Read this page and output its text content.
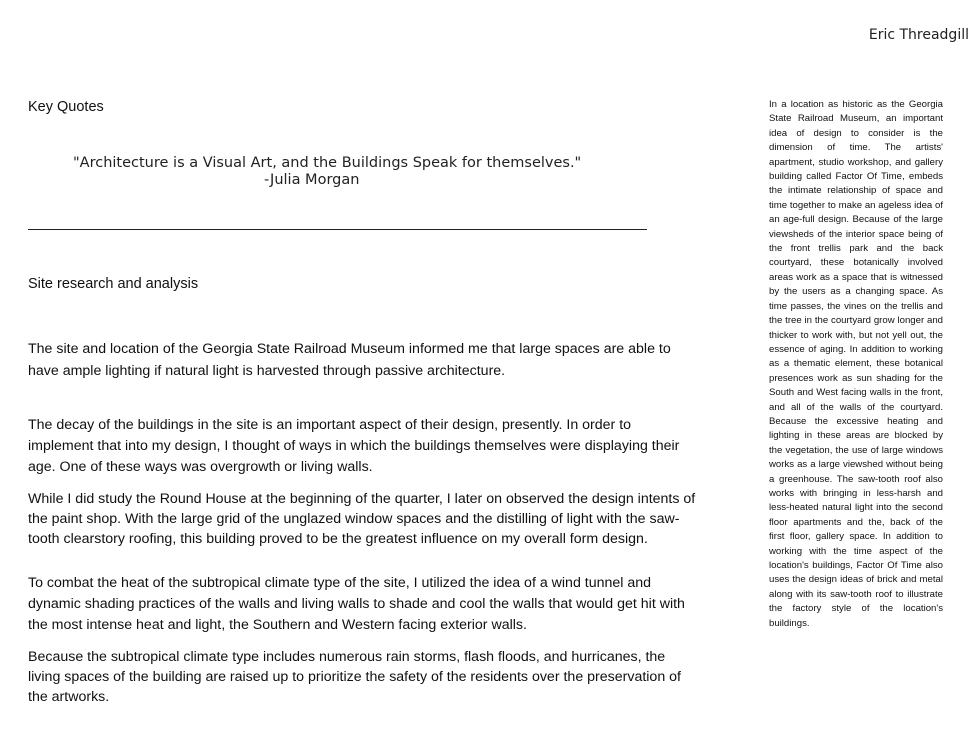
Eric Threadgill
Key Quotes
"Architecture is a Visual Art, and the Buildings Speak for themselves."
-Julia Morgan
Site research and analysis

The site and location of the Georgia State Railroad Museum informed me that large spaces are able to have ample lighting if natural light is harvested through passive architecture.

The decay of the buildings in the site is an important aspect of their design, presently. In order to implement that into my design, I thought of ways in which the buildings themselves were displaying their age. One of these ways was overgrowth or living walls.

While I did study the Round House at the beginning of the quarter, I later on observed the design intents of the paint shop. With the large grid of the unglazed window spaces and the distilling of light with the saw-tooth clearstory roofing, this building proved to be the greatest influence on my overall form design.

To combat the heat of the subtropical climate type of the site, I utilized the idea of a wind tunnel and dynamic shading practices of the walls and living walls to shade and cool the walls that would get hit with the most intense heat and light, the Southern and Western facing exterior walls.

Because the subtropical climate type includes numerous rain storms, flash floods, and hurricanes, the living spaces of the building are raised up to prioritize the safety of the residents over the preservation of the artworks.

In a location as historic as the Georgia State Railroad Museum, an important idea of design to consider is the dimension of time. The artists' apartment, studio workshop, and gallery building called Factor Of Time, embeds the intimate relationship of space and time together to make an ageless idea of an age-full design. Because of the large viewsheds of the interior space being of the front trellis park and the back courtyard, these botanically involved areas work as a space that is witnessed by the users as a changing space. As time passes, the vines on the trellis and the tree in the courtyard grow longer and thicker to work with, but not yell out, the essence of aging. In addition to working as a thematic element, these botanical presences work as sun shading for the South and West facing walls in the front, and all of the walls of the courtyard. Because the excessive heating and lighting in these areas are blocked by the vegetation, the use of large windows works as a large viewshed without being a greenhouse. The saw-tooth roof also works with bringing in less-harsh and less-heated natural light into the second floor apartments and the, back of the first floor, gallery space. In addition to working with the time aspect of the location's buildings, Factor Of Time also uses the design ideas of brick and metal along with its saw-tooth roof to illustrate the factory style of the location's buildings.
